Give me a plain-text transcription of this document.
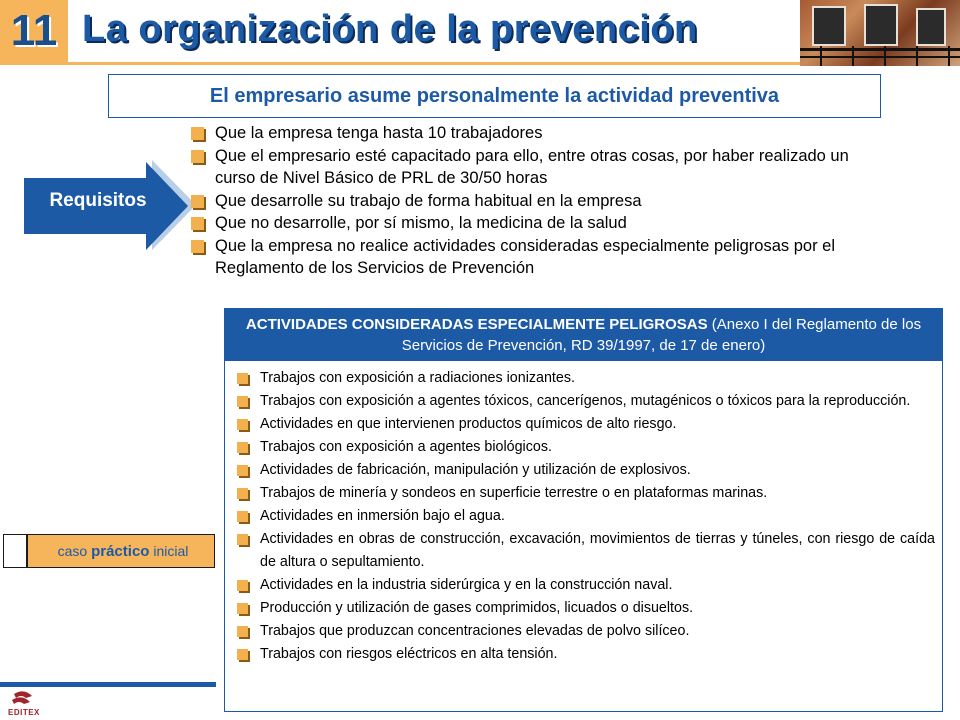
11 La organización de la prevención
El empresario asume personalmente la actividad preventiva
Requisitos
Que la empresa tenga hasta 10 trabajadores
Que el empresario esté capacitado para ello, entre otras cosas, por haber realizado un curso de Nivel Básico de PRL de 30/50 horas
Que desarrolle su trabajo de forma habitual en la empresa
Que no desarrolle, por sí mismo, la medicina de la salud
Que la empresa no realice actividades consideradas especialmente peligrosas por el Reglamento de los Servicios de Prevención
caso práctico inicial
EDITEX
ACTIVIDADES CONSIDERADAS ESPECIALMENTE PELIGROSAS (Anexo I del Reglamento de los Servicios de Prevención, RD 39/1997, de 17 de enero)
Trabajos con exposición a radiaciones ionizantes.
Trabajos con exposición a agentes tóxicos, cancerígenos, mutagénicos o tóxicos para la reproducción.
Actividades en que intervienen productos químicos de alto riesgo.
Trabajos con exposición a agentes biológicos.
Actividades de fabricación, manipulación y utilización de explosivos.
Trabajos de minería y sondeos en superficie terrestre o en plataformas marinas.
Actividades en inmersión bajo el agua.
Actividades en obras de construcción, excavación, movimientos de tierras y túneles, con riesgo de caída de altura o sepultamiento.
Actividades en la industria siderúrgica y en la construcción naval.
Producción y utilización de gases comprimidos, licuados o disueltos.
Trabajos que produzcan concentraciones elevadas de polvo silíceo.
Trabajos con riesgos eléctricos en alta tensión.
